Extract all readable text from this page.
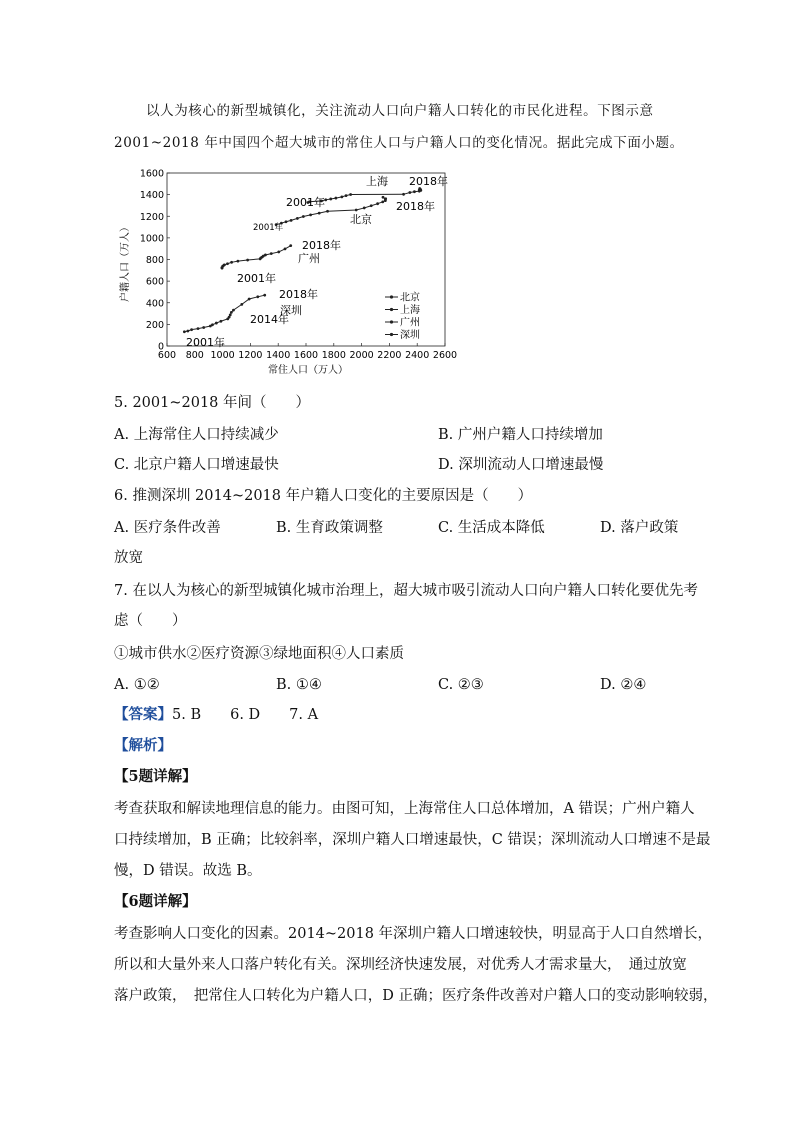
以人为核心的新型城镇化，关注流动人口向户籍人口转化的市民化进程。下图示意
2001~2018 年中国四个超大城市的常住人口与户籍人口的变化情况。据此完成下面小题。
600 800 1000 1200 1400 1600 1800 2000 2200 2400 2600
0
200
400
600
800
1000
1200
1400
1600
上海 2018年
2001年
北京
2018年
2001年
2018年
广州
2001年
2018年
深圳
2014年
2001年
北京
上海
广州
深圳
户籍人口（万人）
常住人口（万人）
5. 2001~2018 年间（　　）
A. 上海常住人口持续减少	B. 广州户籍人口持续增加
C. 北京户籍人口增速最快	D. 深圳流动人口增速最慢
6. 推测深圳 2014~2018 年户籍人口变化的主要原因是（　　）
A. 医疗条件改善	B. 生育政策调整	C. 生活成本降低	D. 落户政策
放宽
7. 在以人为核心的新型城镇化城市治理上，超大城市吸引流动人口向户籍人口转化要优先考
虑（　　）
①城市供水②医疗资源③绿地面积④人口素质
A. ①②	B. ①④	C. ②③	D. ②④
【答案】5. B　　6. D　　7. A
【解析】
【5题详解】
考查获取和解读地理信息的能力。由图可知，上海常住人口总体增加，A 错误；广州户籍人
口持续增加，B 正确；比较斜率，深圳户籍人口增速最快，C 错误；深圳流动人口增速不是最
慢，D 错误。故选 B。
【6题详解】
考查影响人口变化的因素。2014~2018 年深圳户籍人口增速较快，明显高于人口自然增长，
所以和大量外来人口落户转化有关。深圳经济快速发展，对优秀人才需求量大，　通过放宽
落户政策，　把常住人口转化为户籍人口，D 正确；医疗条件改善对户籍人口的变动影响较弱，
